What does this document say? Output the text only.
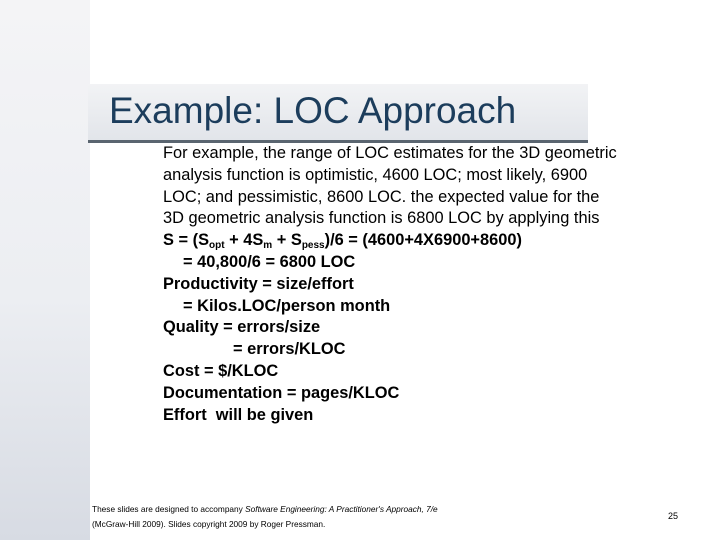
Example: LOC Approach
For example, the range of LOC estimates for the 3D geometric
analysis function is optimistic, 4600 LOC; most likely, 6900
LOC; and pessimistic, 8600 LOC. the expected value for the
3D geometric analysis function is 6800 LOC by applying this
$S = (S_{opt} + 4S_m + S_{pess})/6 = (4600+4X6900+8600)$
= 40,800/6 = 6800 LOC
Productivity = size/effort
= Kilos.LOC/person month
Quality = errors/size
= errors/KLOC
Cost = $/KLOC
Documentation = pages/KLOC
Effort  will be given
These slides are designed to accompany Software Engineering: A Practitioner's Approach, 7/e
(McGraw-Hill 2009). Slides copyright 2009 by Roger Pressman.
25
